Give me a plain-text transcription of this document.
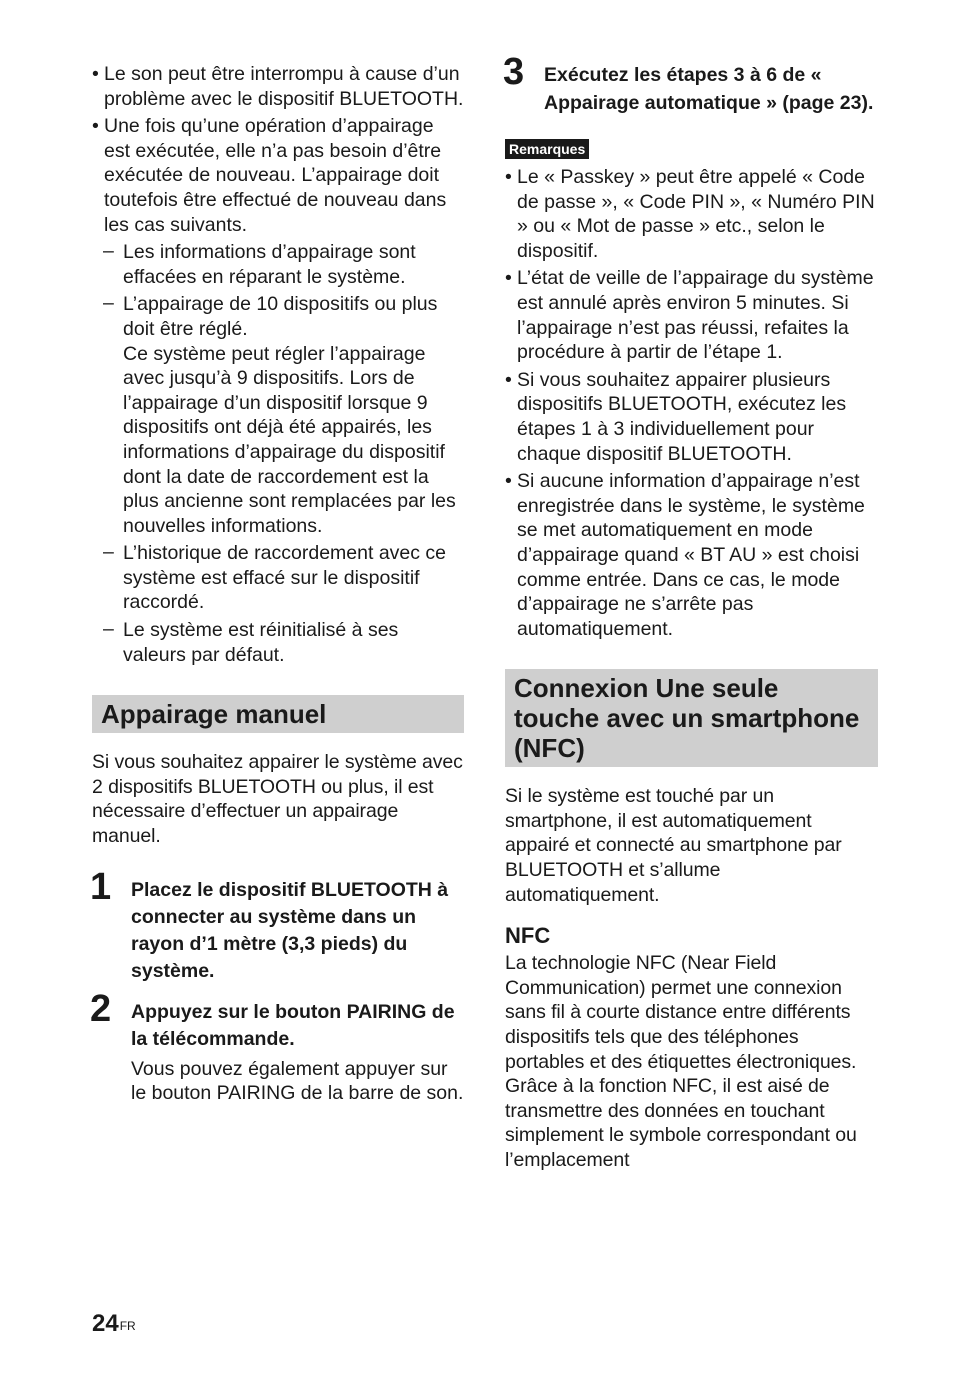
• Le son peut être interrompu à cause d’un problème avec le dispositif BLUETOOTH.
• Une fois qu’une opération d’appairage est exécutée, elle n’a pas besoin d’être exécutée de nouveau. L’appairage doit toutefois être effectué de nouveau dans les cas suivants.
– Les informations d’appairage sont effacées en réparant le système.
– L’appairage de 10 dispositifs ou plus doit être réglé.

Ce système peut régler l’appairage avec jusqu’à 9 dispositifs. Lors de l’appairage d’un dispositif lorsque 9 dispositifs ont déjà été appairés, les informations d’appairage du dispositif dont la date de raccordement est la plus ancienne sont remplacées par les nouvelles informations.

– L’historique de raccordement avec ce système est effacé sur le dispositif raccordé.
– Le système est réinitialisé à ses valeurs par défaut.
Appairage manuel

Si vous souhaitez appairer le système avec 2 dispositifs BLUETOOTH ou plus, il est nécessaire d’effectuer un appairage manuel.

1 Placez le dispositif BLUETOOTH à connecter au système dans un rayon d’1 mètre (3,3 pieds) du système.

2 Appuyez sur le bouton PAIRING de la télécommande.

Vous pouvez également appuyer sur le bouton PAIRING de la barre de son.

3 Exécutez les étapes 3 à 6 de « Appairage automatique » (page 23).

Remarques
• Le « Passkey » peut être appelé « Code de passe », « Code PIN », « Numéro PIN » ou « Mot de passe » etc., selon le dispositif.
• L’état de veille de l’appairage du système est annulé après environ 5 minutes. Si l’appairage n’est pas réussi, refaites la procédure à partir de l’étape 1.
• Si vous souhaitez appairer plusieurs dispositifs BLUETOOTH, exécutez les étapes 1 à 3 individuellement pour chaque dispositif BLUETOOTH.
• Si aucune information d’appairage n’est enregistrée dans le système, le système se met automatiquement en mode d’appairage quand « BT AU » est choisi comme entrée. Dans ce cas, le mode d’appairage ne s’arrête pas automatiquement.
Connexion Une seule touche avec un smartphone (NFC)

Si le système est touché par un smartphone, il est automatiquement appairé et connecté au smartphone par BLUETOOTH et s’allume automatiquement.

NFC

La technologie NFC (Near Field Communication) permet une connexion sans fil à courte distance entre différents dispositifs tels que des téléphones portables et des étiquettes électroniques. Grâce à la fonction NFC, il est aisé de transmettre des données en touchant simplement le symbole correspondant ou l’emplacement

$24^{FR}$
